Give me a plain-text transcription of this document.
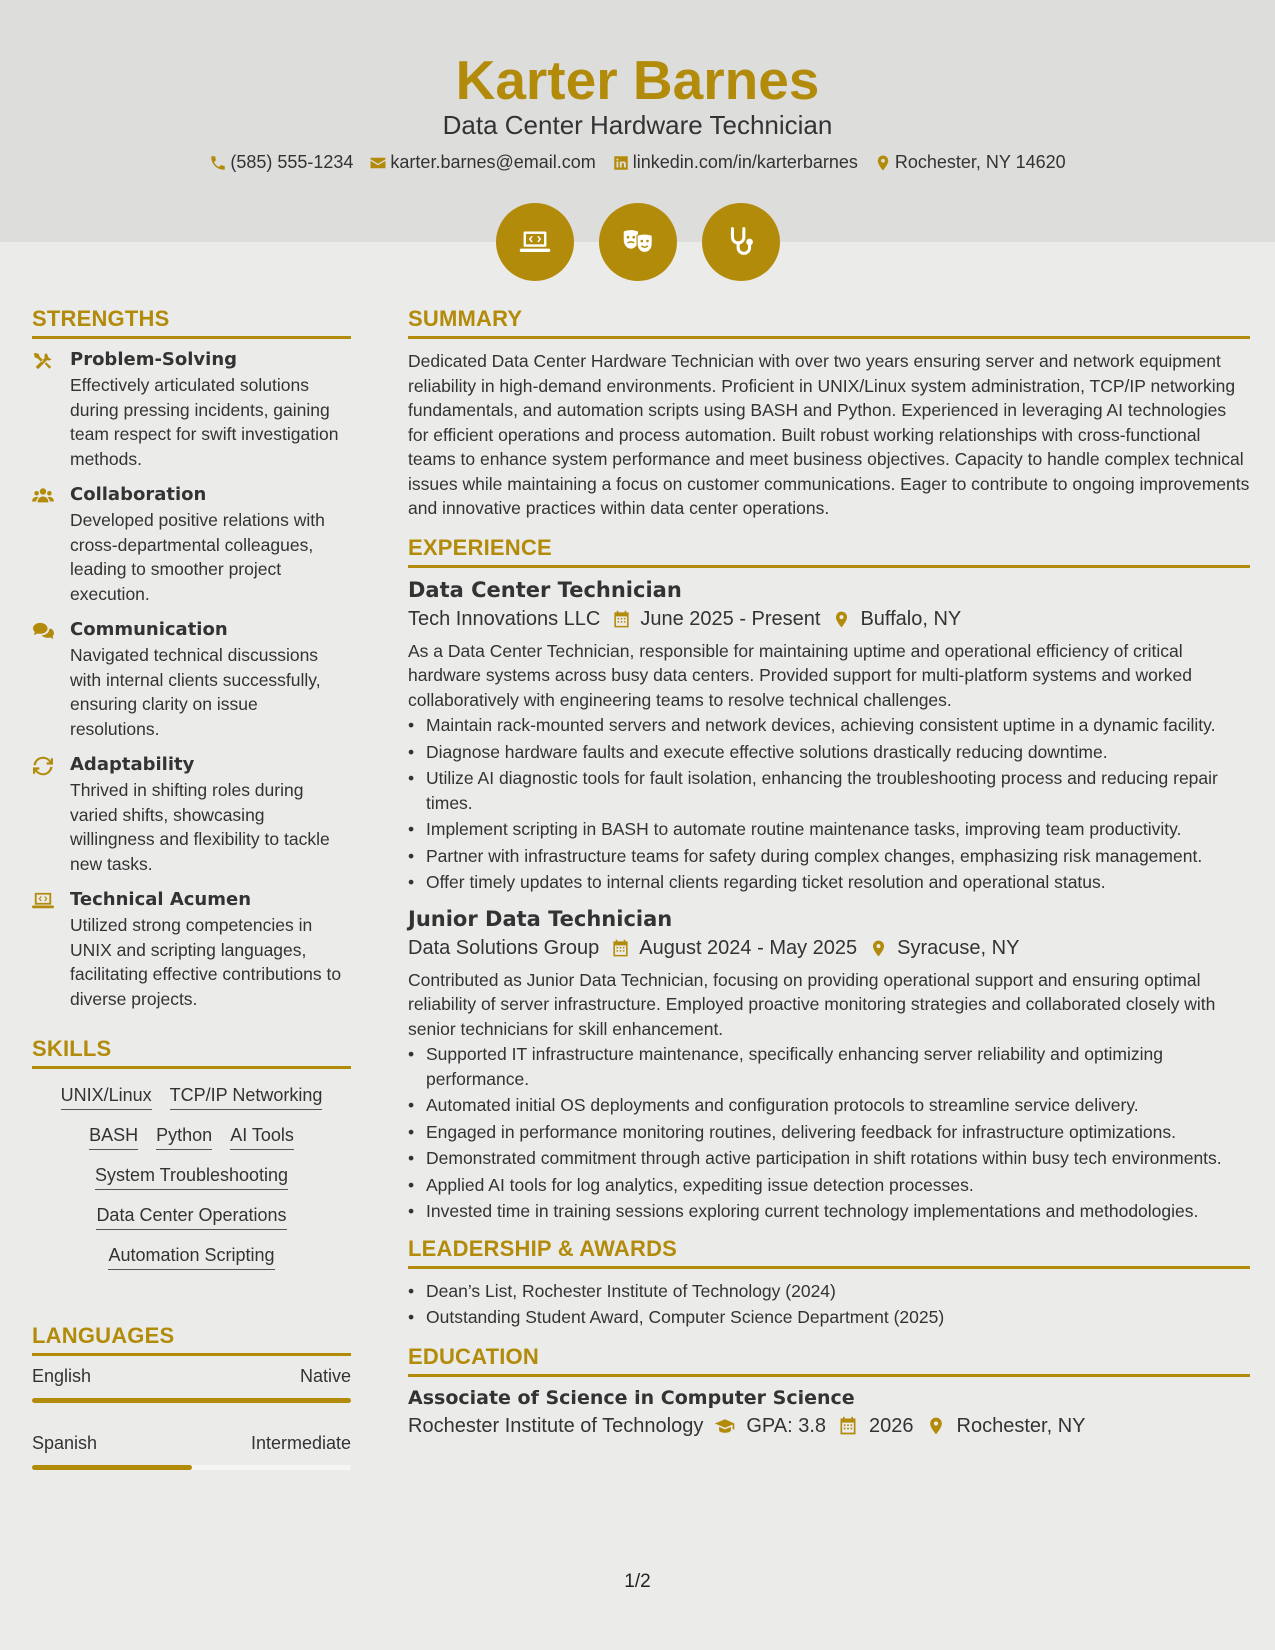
Karter Barnes
Data Center Hardware Technician
(585) 555-1234 karter.barnes@email.com linkedin.com/in/karterbarnes Rochester, NY 14620
STRENGTHS
Problem-Solving
Effectively articulated solutions during pressing incidents, gaining team respect for swift investigation methods.
Collaboration
Developed positive relations with cross-departmental colleagues, leading to smoother project execution.
Communication
Navigated technical discussions with internal clients successfully, ensuring clarity on issue resolutions.
Adaptability
Thrived in shifting roles during varied shifts, showcasing willingness and flexibility to tackle new tasks.
Technical Acumen
Utilized strong competencies in UNIX and scripting languages, facilitating effective contributions to diverse projects.
SKILLS
UNIX/Linux TCP/IP Networking
BASH Python AI Tools
System Troubleshooting
Data Center Operations
Automation Scripting
LANGUAGES
English	Native
Spanish	Intermediate
SUMMARY
Dedicated Data Center Hardware Technician with over two years ensuring server and network equipment reliability in high-demand environments. Proficient in UNIX/Linux system administration, TCP/IP networking fundamentals, and automation scripts using BASH and Python. Experienced in leveraging AI technologies for efficient operations and process automation. Built robust working relationships with cross-functional teams to enhance system performance and meet business objectives. Capacity to handle complex technical issues while maintaining a focus on customer communications. Eager to contribute to ongoing improvements and innovative practices within data center operations.
EXPERIENCE
Data Center Technician
Tech Innovations LLC June 2025 - Present Buffalo, NY
As a Data Center Technician, responsible for maintaining uptime and operational efficiency of critical hardware systems across busy data centers. Provided support for multi-platform systems and worked collaboratively with engineering teams to resolve technical challenges.
• Maintain rack-mounted servers and network devices, achieving consistent uptime in a dynamic facility.
• Diagnose hardware faults and execute effective solutions drastically reducing downtime.
• Utilize AI diagnostic tools for fault isolation, enhancing the troubleshooting process and reducing repair times.
• Implement scripting in BASH to automate routine maintenance tasks, improving team productivity.
• Partner with infrastructure teams for safety during complex changes, emphasizing risk management.
• Offer timely updates to internal clients regarding ticket resolution and operational status.
Junior Data Technician
Data Solutions Group August 2024 - May 2025 Syracuse, NY
Contributed as Junior Data Technician, focusing on providing operational support and ensuring optimal reliability of server infrastructure. Employed proactive monitoring strategies and collaborated closely with senior technicians for skill enhancement.
• Supported IT infrastructure maintenance, specifically enhancing server reliability and optimizing performance.
• Automated initial OS deployments and configuration protocols to streamline service delivery.
• Engaged in performance monitoring routines, delivering feedback for infrastructure optimizations.
• Demonstrated commitment through active participation in shift rotations within busy tech environments.
• Applied AI tools for log analytics, expediting issue detection processes.
• Invested time in training sessions exploring current technology implementations and methodologies.
LEADERSHIP & AWARDS
• Dean’s List, Rochester Institute of Technology (2024)
• Outstanding Student Award, Computer Science Department (2025)
EDUCATION
Associate of Science in Computer Science
Rochester Institute of Technology GPA: 3.8 2026 Rochester, NY
1/2
